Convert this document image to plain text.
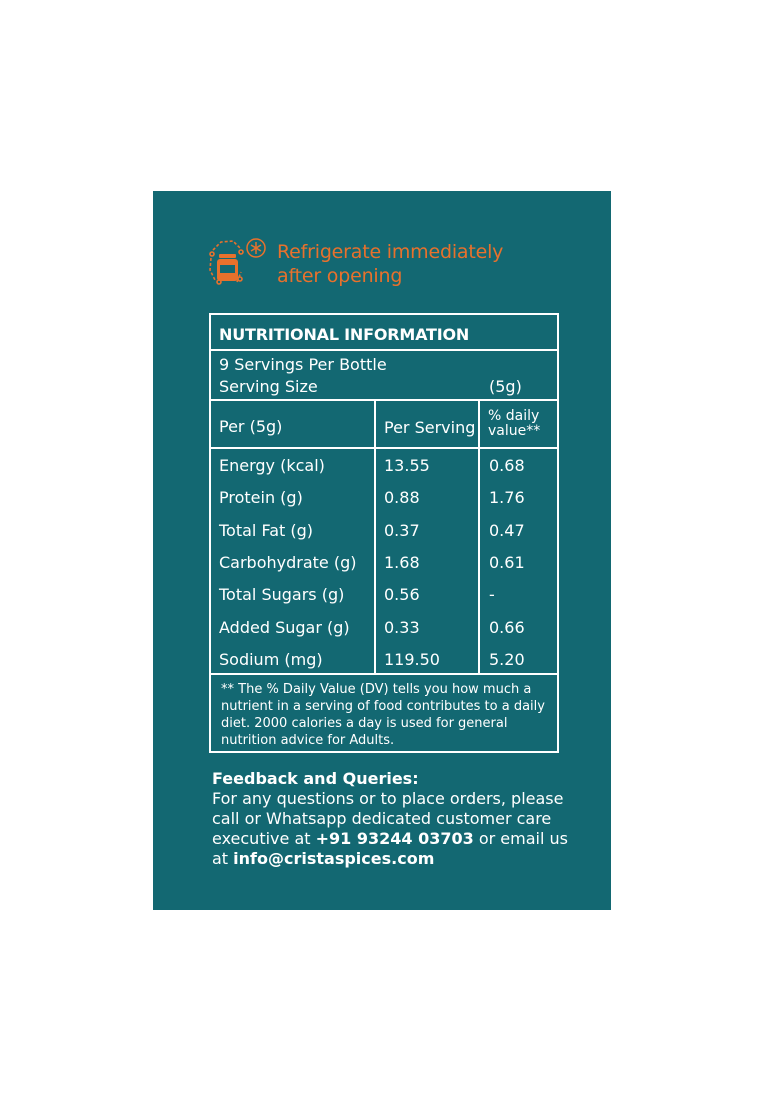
Refrigerate immediately
after opening
NUTRITIONAL INFORMATION
9 Servings Per Bottle
Serving Size	(5g)
Per (5g)	Per Serving
% daily
value**
Energy (kcal)	13.55	0.68
Protein (g)	0.88	1.76
Total Fat (g)	0.37	0.47
Carbohydrate (g) 1.68	0.61
Total Sugars (g) 0.56	-
Added Sugar (g) 0.33	0.66
Sodium (mg)	119.50	5.20
** The % Daily Value (DV) tells you how much a nutrient in a serving of food contributes to a daily diet. 2000 calories a day is used for general nutrition advice for Adults.
Feedback and Queries:
For any questions or to place orders, please call or Whatsapp dedicated customer care executive at +91 93244 03703 or email us at info@cristaspices.com
